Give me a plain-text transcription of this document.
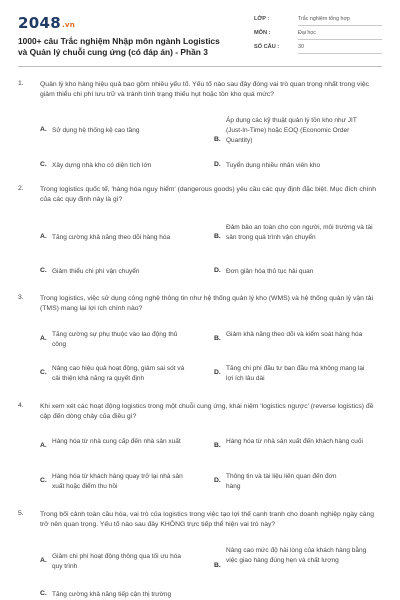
2048.vn
1000+ câu Trắc nghiệm Nhập môn ngành Logistics và Quản lý chuỗi cung ứng (có đáp án) - Phần 3
LỚP :	Trắc nghiệm tổng hợp
MÔN :	Đại học
SỐ CÂU :	30
1. Quản lý kho hàng hiệu quả bao gồm nhiều yếu tố. Yếu tố nào sau đây đóng vai trò quan trọng nhất trong việc giảm thiểu chi phí lưu trữ và tránh tình trạng thiếu hụt hoặc tồn kho quá mức?
A. Sử dụng hệ thống kệ cao tầng
B.
Áp dụng các kỹ thuật quản lý tồn kho như JIT (Just-In-Time) hoặc EOQ (Economic Order Quantity)
C. Xây dựng nhà kho có diện tích lớn	D. Tuyển dụng nhiều nhân viên kho
2. Trong logistics quốc tế, 'hàng hóa nguy hiểm' (dangerous goods) yêu cầu các quy định đặc biệt. Mục đích chính của các quy định này là gì?
A. Tăng cường khả năng theo dõi hàng hóa	B.
Đảm bảo an toàn cho con người, môi trường và tài sản trong quá trình vận chuyển
C. Giảm thiểu chi phí vận chuyển	D. Đơn giản hóa thủ tục hải quan
3. Trong logistics, việc sử dụng công nghệ thông tin như hệ thống quản lý kho (WMS) và hệ thống quản lý vận tải (TMS) mang lại lợi ích chính nào?
A.
Tăng cường sự phụ thuộc vào lao động thủ công
B.
Giảm khả năng theo dõi và kiểm soát hàng hóa
C.
Nâng cao hiệu quả hoạt động, giảm sai sót và cải thiện khả năng ra quyết định
D.
Tăng chi phí đầu tư ban đầu mà không mang lại lợi ích lâu dài
4. Khi xem xét các hoạt động logistics trong một chuỗi cung ứng, khái niệm 'logistics ngược' (reverse logistics) đề cập đến dòng chảy của điều gì?
A.
Hàng hóa từ nhà cung cấp đến nhà sản xuất
B.
Hàng hóa từ nhà sản xuất đến khách hàng cuối
C.
Hàng hóa từ khách hàng quay trở lại nhà sản xuất hoặc điểm thu hồi
D.
Thông tin và tài liệu liên quan đến đơn hàng
5. Trong bối cảnh toàn cầu hóa, vai trò của logistics trong việc tạo lợi thế cạnh tranh cho doanh nghiệp ngày càng trở nên quan trọng. Yếu tố nào sau đây KHÔNG trực tiếp thể hiện vai trò này?
A.
Giảm chi phí hoạt động thông qua tối ưu hóa quy trình	B.
Nâng cao mức độ hài lòng của khách hàng bằng việc giao hàng đúng hẹn và chất lượng
C. Tăng cường khả năng tiếp cận thị trường
